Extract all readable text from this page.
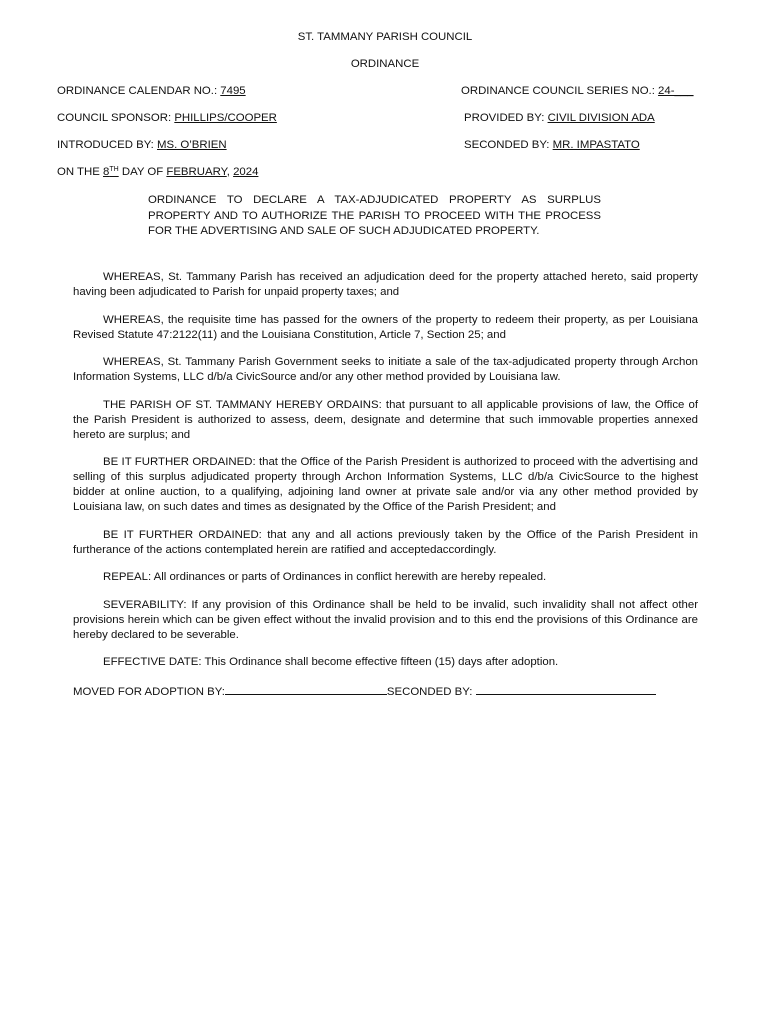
ST. TAMMANY PARISH COUNCIL
ORDINANCE
ORDINANCE CALENDAR NO.: 7495	ORDINANCE COUNCIL SERIES NO.: 24-___
COUNCIL SPONSOR: PHILLIPS/COOPER	PROVIDED BY: CIVIL DIVISION ADA
INTRODUCED BY: MS. O’BRIEN	SECONDED BY: MR. IMPASTATO
ON THE 8TH DAY OF FEBRUARY, 2024
ORDINANCE TO DECLARE A TAX-ADJUDICATED PROPERTY AS SURPLUS PROPERTY AND TO AUTHORIZE THE PARISH TO PROCEED WITH THE PROCESS FOR THE ADVERTISING AND SALE OF SUCH ADJUDICATED PROPERTY.

WHEREAS, St. Tammany Parish has received an adjudication deed for the property attached hereto, said property having been adjudicated to Parish for unpaid property taxes; and

WHEREAS, the requisite time has passed for the owners of the property to redeem their property, as per Louisiana Revised Statute 47:2122(11) and the Louisiana Constitution, Article 7, Section 25; and

WHEREAS, St. Tammany Parish Government seeks to initiate a sale of the tax-adjudicated property through Archon Information Systems, LLC d/b/a CivicSource and/or any other method provided by Louisiana law.

THE PARISH OF ST. TAMMANY HEREBY ORDAINS: that pursuant to all applicable provisions of law, the Office of the Parish President is authorized to assess, deem, designate and determine that such immovable properties annexed hereto are surplus; and

BE IT FURTHER ORDAINED: that the Office of the Parish President is authorized to proceed with the advertising and selling of this surplus adjudicated property through Archon Information Systems, LLC d/b/a CivicSource to the highest bidder at online auction, to a qualifying, adjoining land owner at private sale and/or via any other method provided by Louisiana law, on such dates and times as designated by the Office of the Parish President; and

BE IT FURTHER ORDAINED: that any and all actions previously taken by the Office of the Parish President in furtherance of the actions contemplated herein are ratified and acceptedaccordingly.

REPEAL: All ordinances or parts of Ordinances in conflict herewith are hereby repealed.

SEVERABILITY: If any provision of this Ordinance shall be held to be invalid, such invalidity shall not affect other provisions herein which can be given effect without the invalid provision and to this end the provisions of this Ordinance are hereby declared to be severable.

EFFECTIVE DATE: This Ordinance shall become effective fifteen (15) days after adoption.

MOVED FOR ADOPTION BY:	SECONDED BY:
